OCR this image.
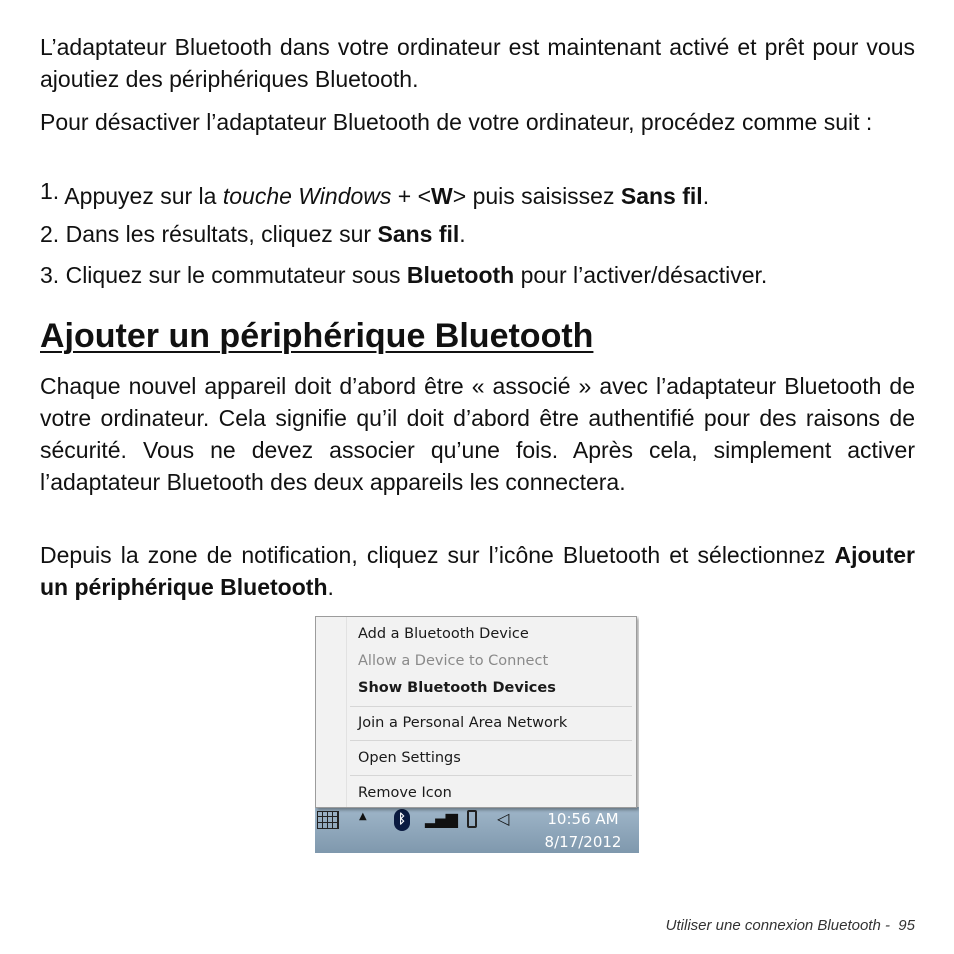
L’adaptateur Bluetooth dans votre ordinateur est maintenant activé et prêt pour vous ajoutiez des périphériques Bluetooth.

Pour désactiver l’adaptateur Bluetooth de votre ordinateur, procédez comme suit :

1. Appuyez sur la touche Windows + <W> puis saisissez Sans fil.
2. Dans les résultats, cliquez sur Sans fil.
3. Cliquez sur le commutateur sous Bluetooth pour l’activer/désactiver.
Ajouter un périphérique Bluetooth

Chaque nouvel appareil doit d’abord être « associé » avec l’adaptateur Bluetooth de votre ordinateur. Cela signifie qu’il doit d’abord être authentifié pour des raisons de sécurité. Vous ne devez associer qu’une fois. Après cela, simplement activer l’adaptateur Bluetooth des deux appareils les connectera.

Depuis la zone de notification, cliquez sur l’icône Bluetooth et sélectionnez Ajouter un périphérique Bluetooth.

▲	ᛒ ▂▄▆	◁	10:56 AM
8/17/2012
Add a Bluetooth Device
Allow a Device to Connect
Show Bluetooth Devices
Join a Personal Area Network
Open Settings
Remove Icon
Utiliser une connexion Bluetooth -  95
